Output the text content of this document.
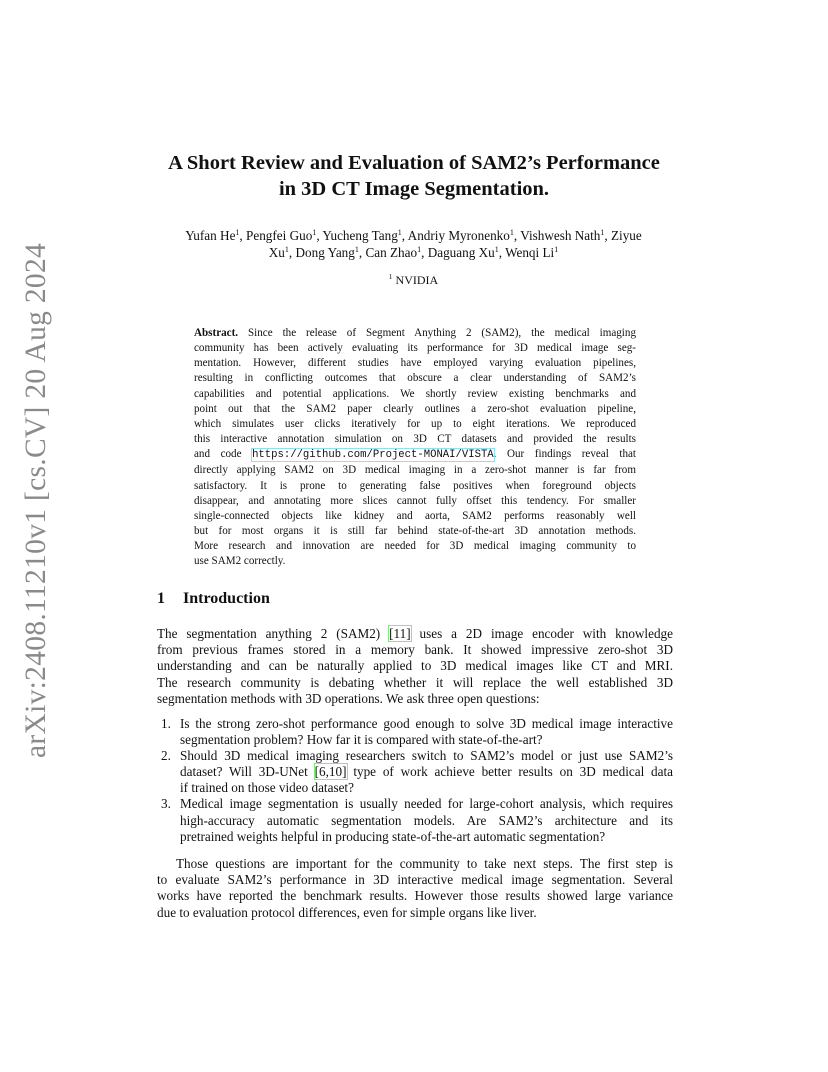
arXiv:2408.11210v1 [cs.CV] 20 Aug 2024
A Short Review and Evaluation of SAM2’s Performance
in 3D CT Image Segmentation.
Yufan He$^1$, Pengfei Guo$^1$, Yucheng Tang$^1$, Andriy Myronenko$^1$, Vishwesh Nath$^1$, Ziyue
Xu$^1$, Dong Yang$^1$, Can Zhao$^1$, Daguang Xu$^1$, Wenqi Li$^1$
$^1$ NVIDIA
Abstract. Since the release of Segment Anything 2 (SAM2), the medical imaging
community has been actively evaluating its performance for 3D medical image seg-
mentation. However, different studies have employed varying evaluation pipelines,
resulting in conflicting outcomes that obscure a clear understanding of SAM2’s
capabilities and potential applications. We shortly review existing benchmarks and
point out that the SAM2 paper clearly outlines a zero-shot evaluation pipeline,
which simulates user clicks iteratively for up to eight iterations. We reproduced
this interactive annotation simulation on 3D CT datasets and provided the results
and code https://github.com/Project-MONAI/VISTA. Our findings reveal that
directly applying SAM2 on 3D medical imaging in a zero-shot manner is far from
satisfactory. It is prone to generating false positives when foreground objects
disappear, and annotating more slices cannot fully offset this tendency. For smaller
single-connected objects like kidney and aorta, SAM2 performs reasonably well
but for most organs it is still far behind state-of-the-art 3D annotation methods.
More research and innovation are needed for 3D medical imaging community to
use SAM2 correctly.
1 Introduction
The segmentation anything 2 (SAM2) [11] uses a 2D image encoder with knowledge
from previous frames stored in a memory bank. It showed impressive zero-shot 3D
understanding and can be naturally applied to 3D medical images like CT and MRI.
The research community is debating whether it will replace the well established 3D
segmentation methods with 3D operations. We ask three open questions:
1. Is the strong zero-shot performance good enough to solve 3D medical image interactive
segmentation problem? How far it is compared with state-of-the-art?
2. Should 3D medical imaging researchers switch to SAM2’s model or just use SAM2’s
dataset? Will 3D-UNet [6,10] type of work achieve better results on 3D medical data
if trained on those video dataset?
3. Medical image segmentation is usually needed for large-cohort analysis, which requires
high-accuracy automatic segmentation models. Are SAM2’s architecture and its
pretrained weights helpful in producing state-of-the-art automatic segmentation?
Those questions are important for the community to take next steps. The first step is
to evaluate SAM2’s performance in 3D interactive medical image segmentation. Several
works have reported the benchmark results. However those results showed large variance
due to evaluation protocol differences, even for simple organs like liver.
